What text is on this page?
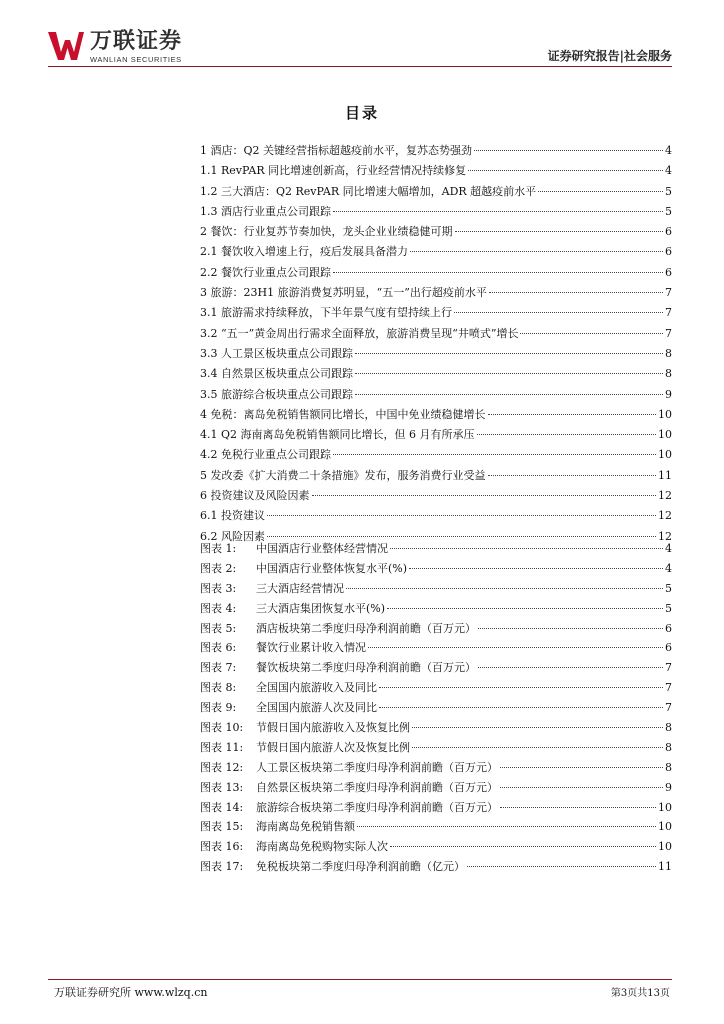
万联证券
WANLIAN SECURITIES	证券研究报告|社会服务
目录
1 酒店：Q2 关键经营指标超越疫前水平，复苏态势强劲	4
1.1 RevPAR 同比增速创新高，行业经营情况持续修复	4
1.2 三大酒店：Q2 RevPAR 同比增速大幅增加，ADR 超越疫前水平	5
1.3 酒店行业重点公司跟踪	5
2 餐饮：行业复苏节奏加快，龙头企业业绩稳健可期	6
2.1 餐饮收入增速上行，疫后发展具备潜力	6
2.2 餐饮行业重点公司跟踪	6
3 旅游：23H1 旅游消费复苏明显，“五一”出行超疫前水平	7
3.1 旅游需求持续释放，下半年景气度有望持续上行	7
3.2 “五一”黄金周出行需求全面释放，旅游消费呈现“井喷式”增长	7
3.3 人工景区板块重点公司跟踪	8
3.4 自然景区板块重点公司跟踪	8
3.5 旅游综合板块重点公司跟踪	9
4 免税：离岛免税销售额同比增长，中国中免业绩稳健增长	10
4.1 Q2 海南离岛免税销售额同比增长，但 6 月有所承压	10
4.2 免税行业重点公司跟踪	10
5 发改委《扩大消费二十条措施》发布，服务消费行业受益	11
6 投资建议及风险因素	12
6.1 投资建议	12
6.2 风险因素	12
图表 1:	中国酒店行业整体经营情况	4
图表 2:	中国酒店行业整体恢复水平(%)	4
图表 3:	三大酒店经营情况	5
图表 4:	三大酒店集团恢复水平(%)	5
图表 5:	酒店板块第二季度归母净利润前瞻（百万元）	6
图表 6:	餐饮行业累计收入情况	6
图表 7:	餐饮板块第二季度归母净利润前瞻（百万元）	7
图表 8:	全国国内旅游收入及同比	7
图表 9:	全国国内旅游人次及同比	7
图表 10:	节假日国内旅游收入及恢复比例	8
图表 11:	节假日国内旅游人次及恢复比例	8
图表 12:	人工景区板块第二季度归母净利润前瞻（百万元）	8
图表 13:	自然景区板块第二季度归母净利润前瞻（百万元）	9
图表 14:	旅游综合板块第二季度归母净利润前瞻（百万元）	10
图表 15:	海南离岛免税销售额	10
图表 16:	海南离岛免税购物实际人次	10
图表 17:	免税板块第二季度归母净利润前瞻（亿元）	11
万联证券研究所 www.wlzq.cn	第3页共13页
